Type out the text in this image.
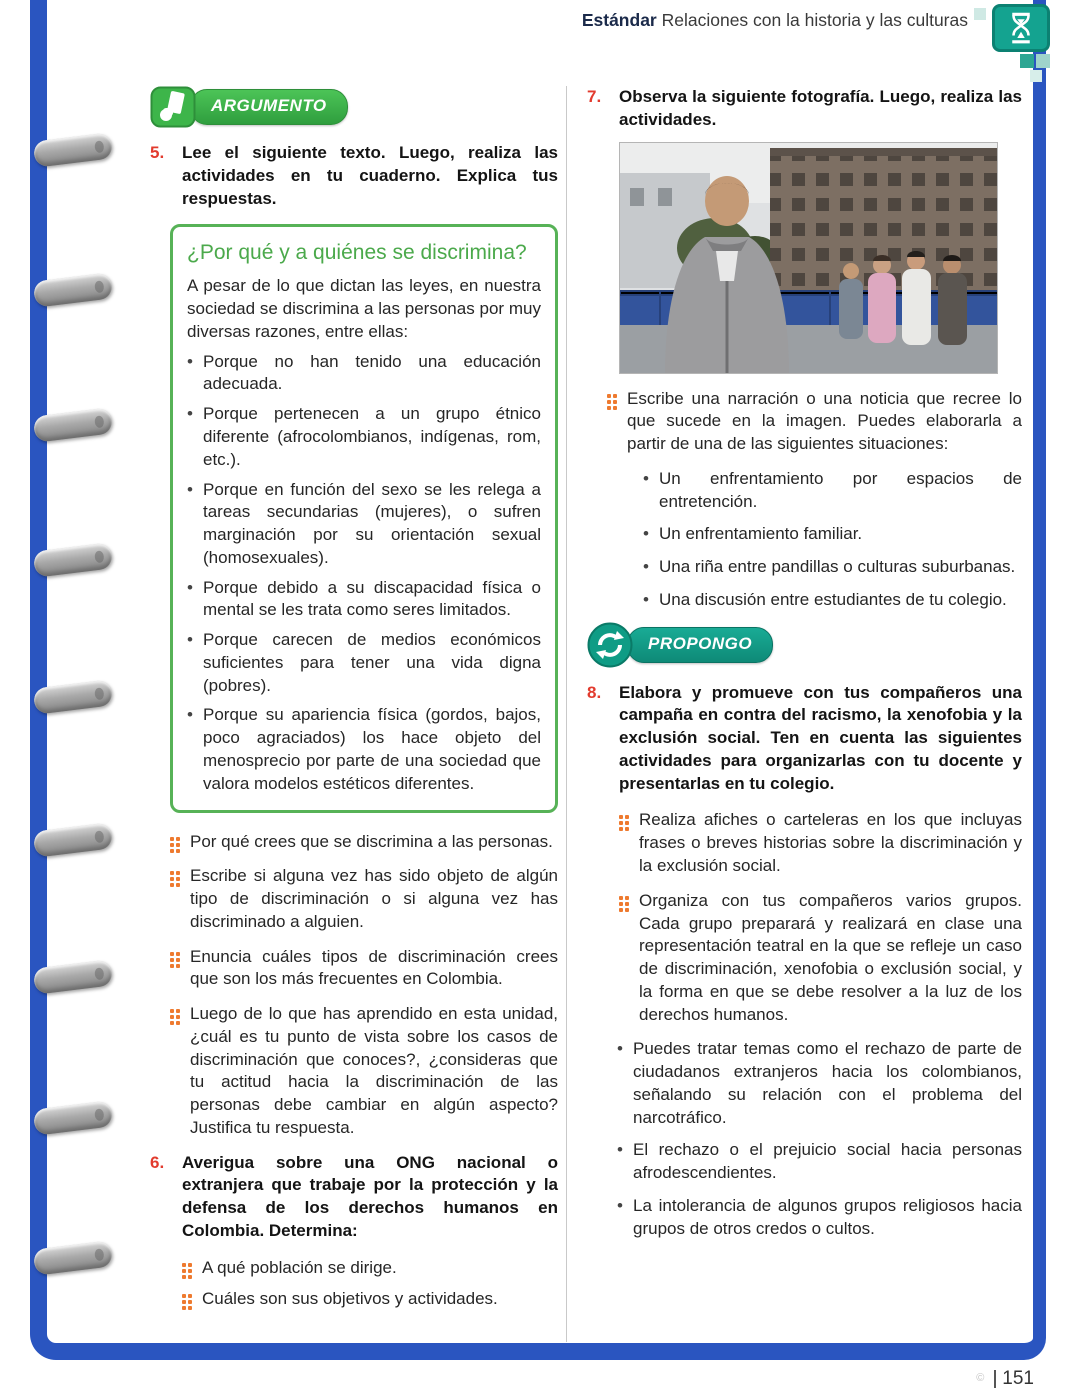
Estándar Relaciones con la historia y las culturas
ARGUMENTO
5.	Lee el siguiente texto. Luego, realiza las actividades en tu cuaderno. Explica tus respuestas.

¿Por qué y a quiénes se discrimina?

A pesar de lo que dictan las leyes, en nuestra sociedad se discrimina a las personas por muy diversas razones, entre ellas:

• Porque no han tenido una educación adecuada.

• Porque pertenecen a un grupo étnico diferente (afrocolombianos, indígenas, rom, etc.).

• Porque en función del sexo se les relega a tareas secundarias (mujeres), o sufren marginación por su orientación sexual (homosexuales).

• Porque debido a su discapacidad física o mental se les trata como seres limitados.

• Porque carecen de medios económicos suficientes para tener una vida digna (pobres).

• Porque su apariencia física (gordos, bajos, poco agraciados) los hace objeto del menosprecio por parte de una sociedad que valora modelos estéticos diferentes.

Por qué crees que se discrimina a las personas.

Escribe si alguna vez has sido objeto de algún tipo de discriminación o si alguna vez has discriminado a alguien.

Enuncia cuáles tipos de discriminación crees que son los más frecuentes en Colombia.

Luego de lo que has aprendido en esta unidad, ¿cuál es tu punto de vista sobre los casos de discriminación que conoces?, ¿consideras que tu actitud hacia la discriminación de las personas debe cambiar en algún aspecto? Justifica tu respuesta.

6.	Averigua sobre una ONG nacional o extranjera que trabaje por la protección y la defensa de los derechos humanos en Colombia. Determina:

A qué población se dirige.

Cuáles son sus objetivos y actividades.

7.	Observa la siguiente fotografía. Luego, realiza las actividades.

Escribe una narración o una noticia que recree lo que sucede en la imagen. Puedes elaborarla a partir de una de las siguientes situaciones:

• Un enfrentamiento por espacios de entretención.

• Un enfrentamiento familiar.

• Una riña entre pandillas o culturas suburbanas.

• Una discusión entre estudiantes de tu colegio.

PROPONGO
8.	Elabora y promueve con tus compañeros una campaña en contra del racismo, la xenofobia y la exclusión social. Ten en cuenta las siguientes actividades para organizarlas con tu docente y presentarlas en tu colegio.

Realiza afiches o carteleras en los que incluyas frases o breves historias sobre la discriminación y la exclusión social.

Organiza con tus compañeros varios grupos. Cada grupo preparará y realizará en clase una representación teatral en la que se refleje un caso de discriminación, xenofobia o exclusión social, y la forma en que se debe resolver a la luz de los derechos humanos.

• Puedes tratar temas como el rechazo de parte de ciudadanos extranjeros hacia los colombianos, señalando su relación con el problema del narcotráfico.

• El rechazo o el prejuicio social hacia personas afrodescendientes.

• La intolerancia de algunos grupos religiosos hacia grupos de otros credos o cultos.

© 151
